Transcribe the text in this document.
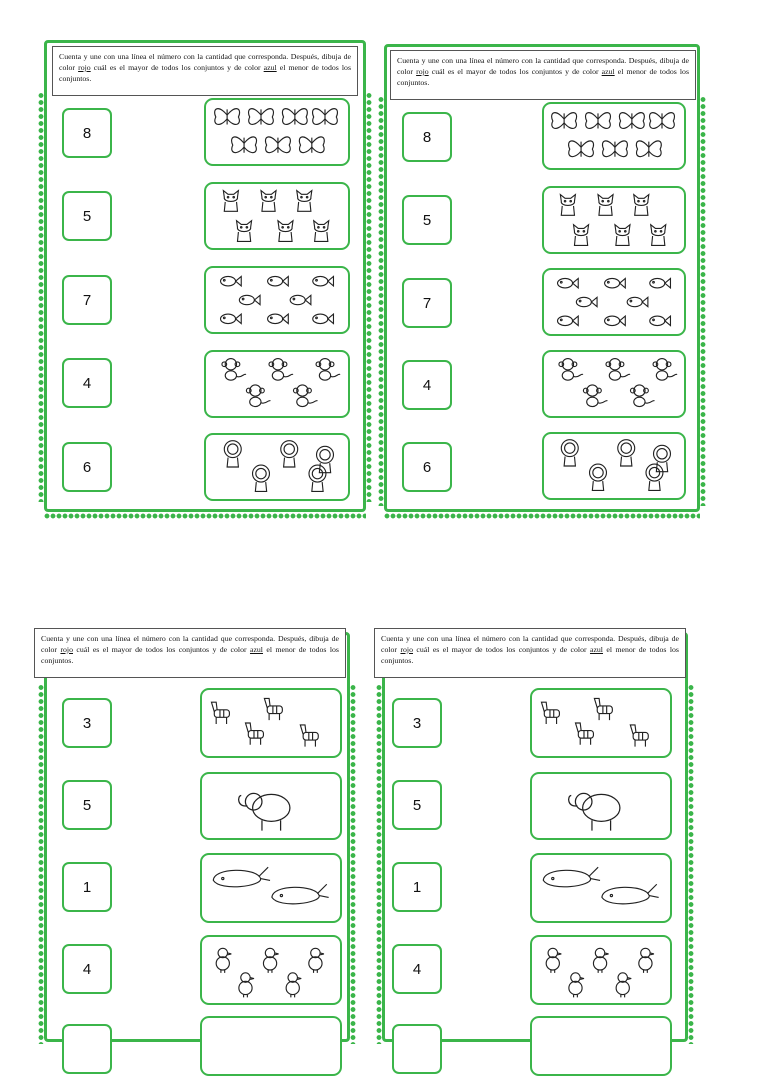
Cuenta y une con una línea el número con la cantidad que corresponda. Después, dibuja de color rojo cuál es el mayor de todos los conjuntos y de color azul el menor de todos los conjuntos.
8
5
7
4
6
Cuenta y une con una línea el número con la cantidad que corresponda. Después, dibuja de color rojo cuál es el mayor de todos los conjuntos y de color azul el menor de todos los conjuntos.
8
5
7
4
6
Cuenta y une con una línea el número con la cantidad que corresponda. Después, dibuja de color rojo cuál es el mayor de todos los conjuntos y de color azul el menor de todos los conjuntos.
3
5
1
4
Cuenta y une con una línea el número con la cantidad que corresponda. Después, dibuja de color rojo cuál es el mayor de todos los conjuntos y de color azul el menor de todos los conjuntos.
3
5
1
4
